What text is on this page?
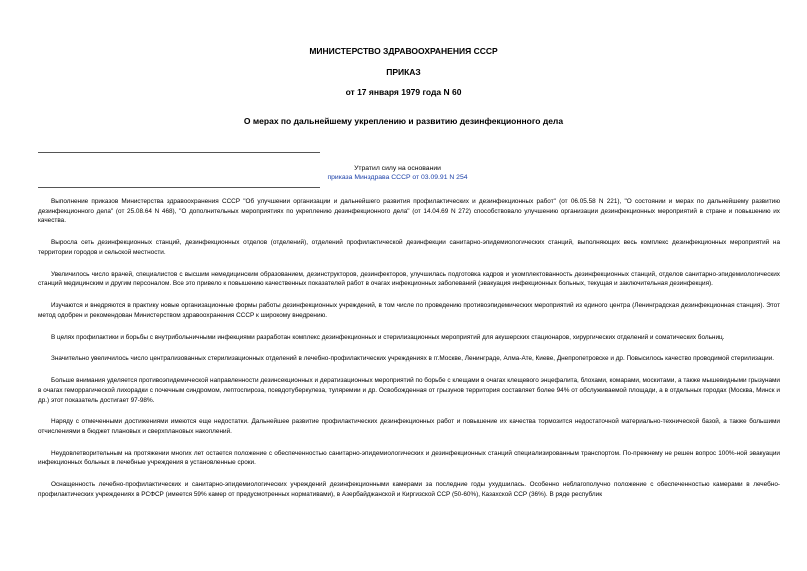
МИНИСТЕРСТВО ЗДРАВООХРАНЕНИЯ СССР
ПРИКАЗ
от 17 января 1979 года N 60
О мерах по дальнейшему укреплению и развитию дезинфекционного дела
Утратил силу на основании
приказа Минздрава СССР от 03.09.91 N 254

Выполнение приказов Министерства здравоохранения СССР "Об улучшении организации и дальнейшего развития профилактических и дезинфекционных работ" (от 06.05.58 N 221), "О состоянии и мерах по дальнейшему развитию дезинфекционного дела" (от 25.08.64 N 468), "О дополнительных мероприятиях по укреплению дезинфекционного дела" (от 14.04.69 N 272) способствовало улучшению организации дезинфекционных мероприятий в стране и повышению их качества.

Выросла сеть дезинфекционных станций, дезинфекционных отделов (отделений), отделений профилактической дезинфекции санитарно-эпидемиологических станций, выполняющих весь комплекс дезинфекционных мероприятий на территории городов и сельской местности.

Увеличилось число врачей, специалистов с высшим немедицинским образованием, дезинструкторов, дезинфекторов, улучшилась подготовка кадров и укомплектованность дезинфекционных станций, отделов санитарно-эпидемиологических станций медицинским и другим персоналом. Все это привело к повышению качественных показателей работ в очагах инфекционных заболеваний (эвакуация инфекционных больных, текущая и заключительная дезинфекция).

Изучаются и внедряются в практику новые организационные формы работы дезинфекционных учреждений, в том числе по проведению противоэпидемических мероприятий из единого центра (Ленинградская дезинфекционная станция). Этот метод одобрен и рекомендован Министерством здравоохранения СССР к широкому внедрению.

В целях профилактики и борьбы с внутрибольничными инфекциями разработан комплекс дезинфекционных и стерилизационных мероприятий для акушерских стационаров, хирургических отделений и соматических больниц.

Значительно увеличилось число централизованных стерилизационных отделений в лечебно-профилактических учреждениях в гг.Москве, Ленинграде, Алма-Ате, Киеве, Днепропетровске и др. Повысилось качество проводимой стерилизации.

Больше внимания уделяется противоэпидемической направленности дезинсекционных и дератизационных мероприятий по борьбе с клещами в очагах клещевого энцефалита, блохами, комарами, москитами, а также мышевидными грызунами в очагах геморрагической лихорадки с почечным синдромом, лептоспироза, псевдотуберкулеза, туляремии и др. Освобожденная от грызунов территория составляет более 94% от обслуживаемой площади, а в отдельных городах (Москва, Минск и др.) этот показатель достигает 97-98%.

Наряду с отмеченными достижениями имеются еще недостатки. Дальнейшее развитие профилактических дезинфекционных работ и повышение их качества тормозится недостаточной материально-технической базой, а также большими отчислениями в бюджет плановых и сверхплановых накоплений.

Неудовлетворительным на протяжении многих лет остается положение с обеспеченностью санитарно-эпидемиологических и дезинфекционных станций специализированным транспортом. По-прежнему не решен вопрос 100%-ной эвакуации инфекционных больных в лечебные учреждения в установленные сроки.

Оснащенность лечебно-профилактических и санитарно-эпидемиологических учреждений дезинфекционными камерами за последние годы ухудшилась. Особенно неблагополучно положение с обеспеченностью камерами в лечебно-профилактических учреждениях в РСФСР (имеется 59% камер от предусмотренных нормативами), в Азербайджанской и Киргизской ССР (50-60%), Казахской ССР (36%). В ряде республик
